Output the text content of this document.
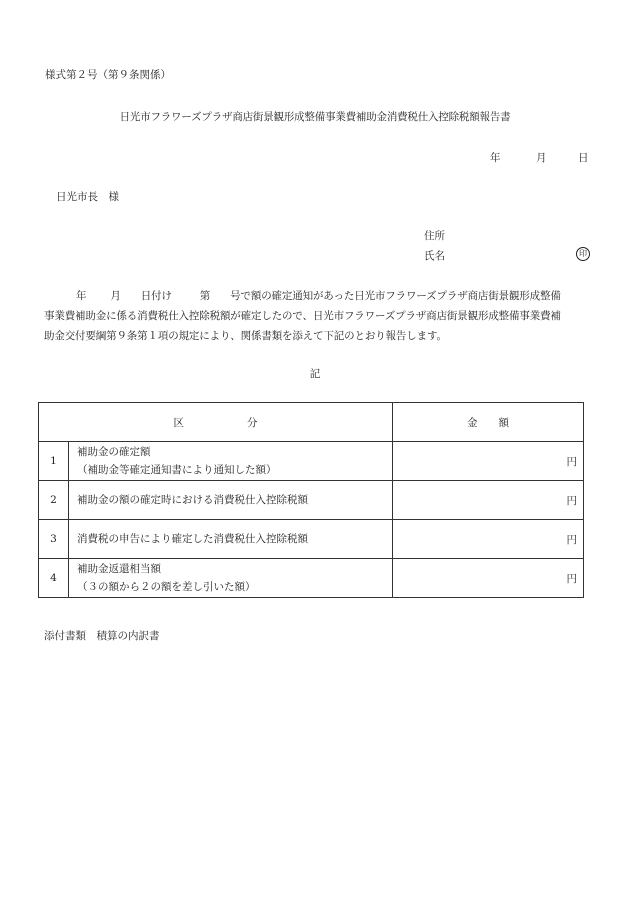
様式第２号（第９条関係）
日光市フラワーズプラザ商店街景観形成整備事業費補助金消費税仕入控除税額報告書
年	月	日
日光市長　様
住所
氏名	印
年 月 日付け	第 号で額の確定通知があった日光市フラワーズプラザ商店街景観形成整備
事業費補助金に係る消費税仕入控除税額が確定したので、日光市フラワーズプラザ商店街景観形成整備事業費補
助金交付要綱第９条第１項の規定により、関係書類を添えて下記のとおり報告します。
記
区　　　　　　分		金　　額
1	補助金の確定額
（補助金等確定通知書により通知した額）	円
2	補助金の額の確定時における消費税仕入控除税額	円
3	消費税の申告により確定した消費税仕入控除税額	円
4	補助金返還相当額
（３の額から２の額を差し引いた額）	円
添付書類　積算の内訳書
